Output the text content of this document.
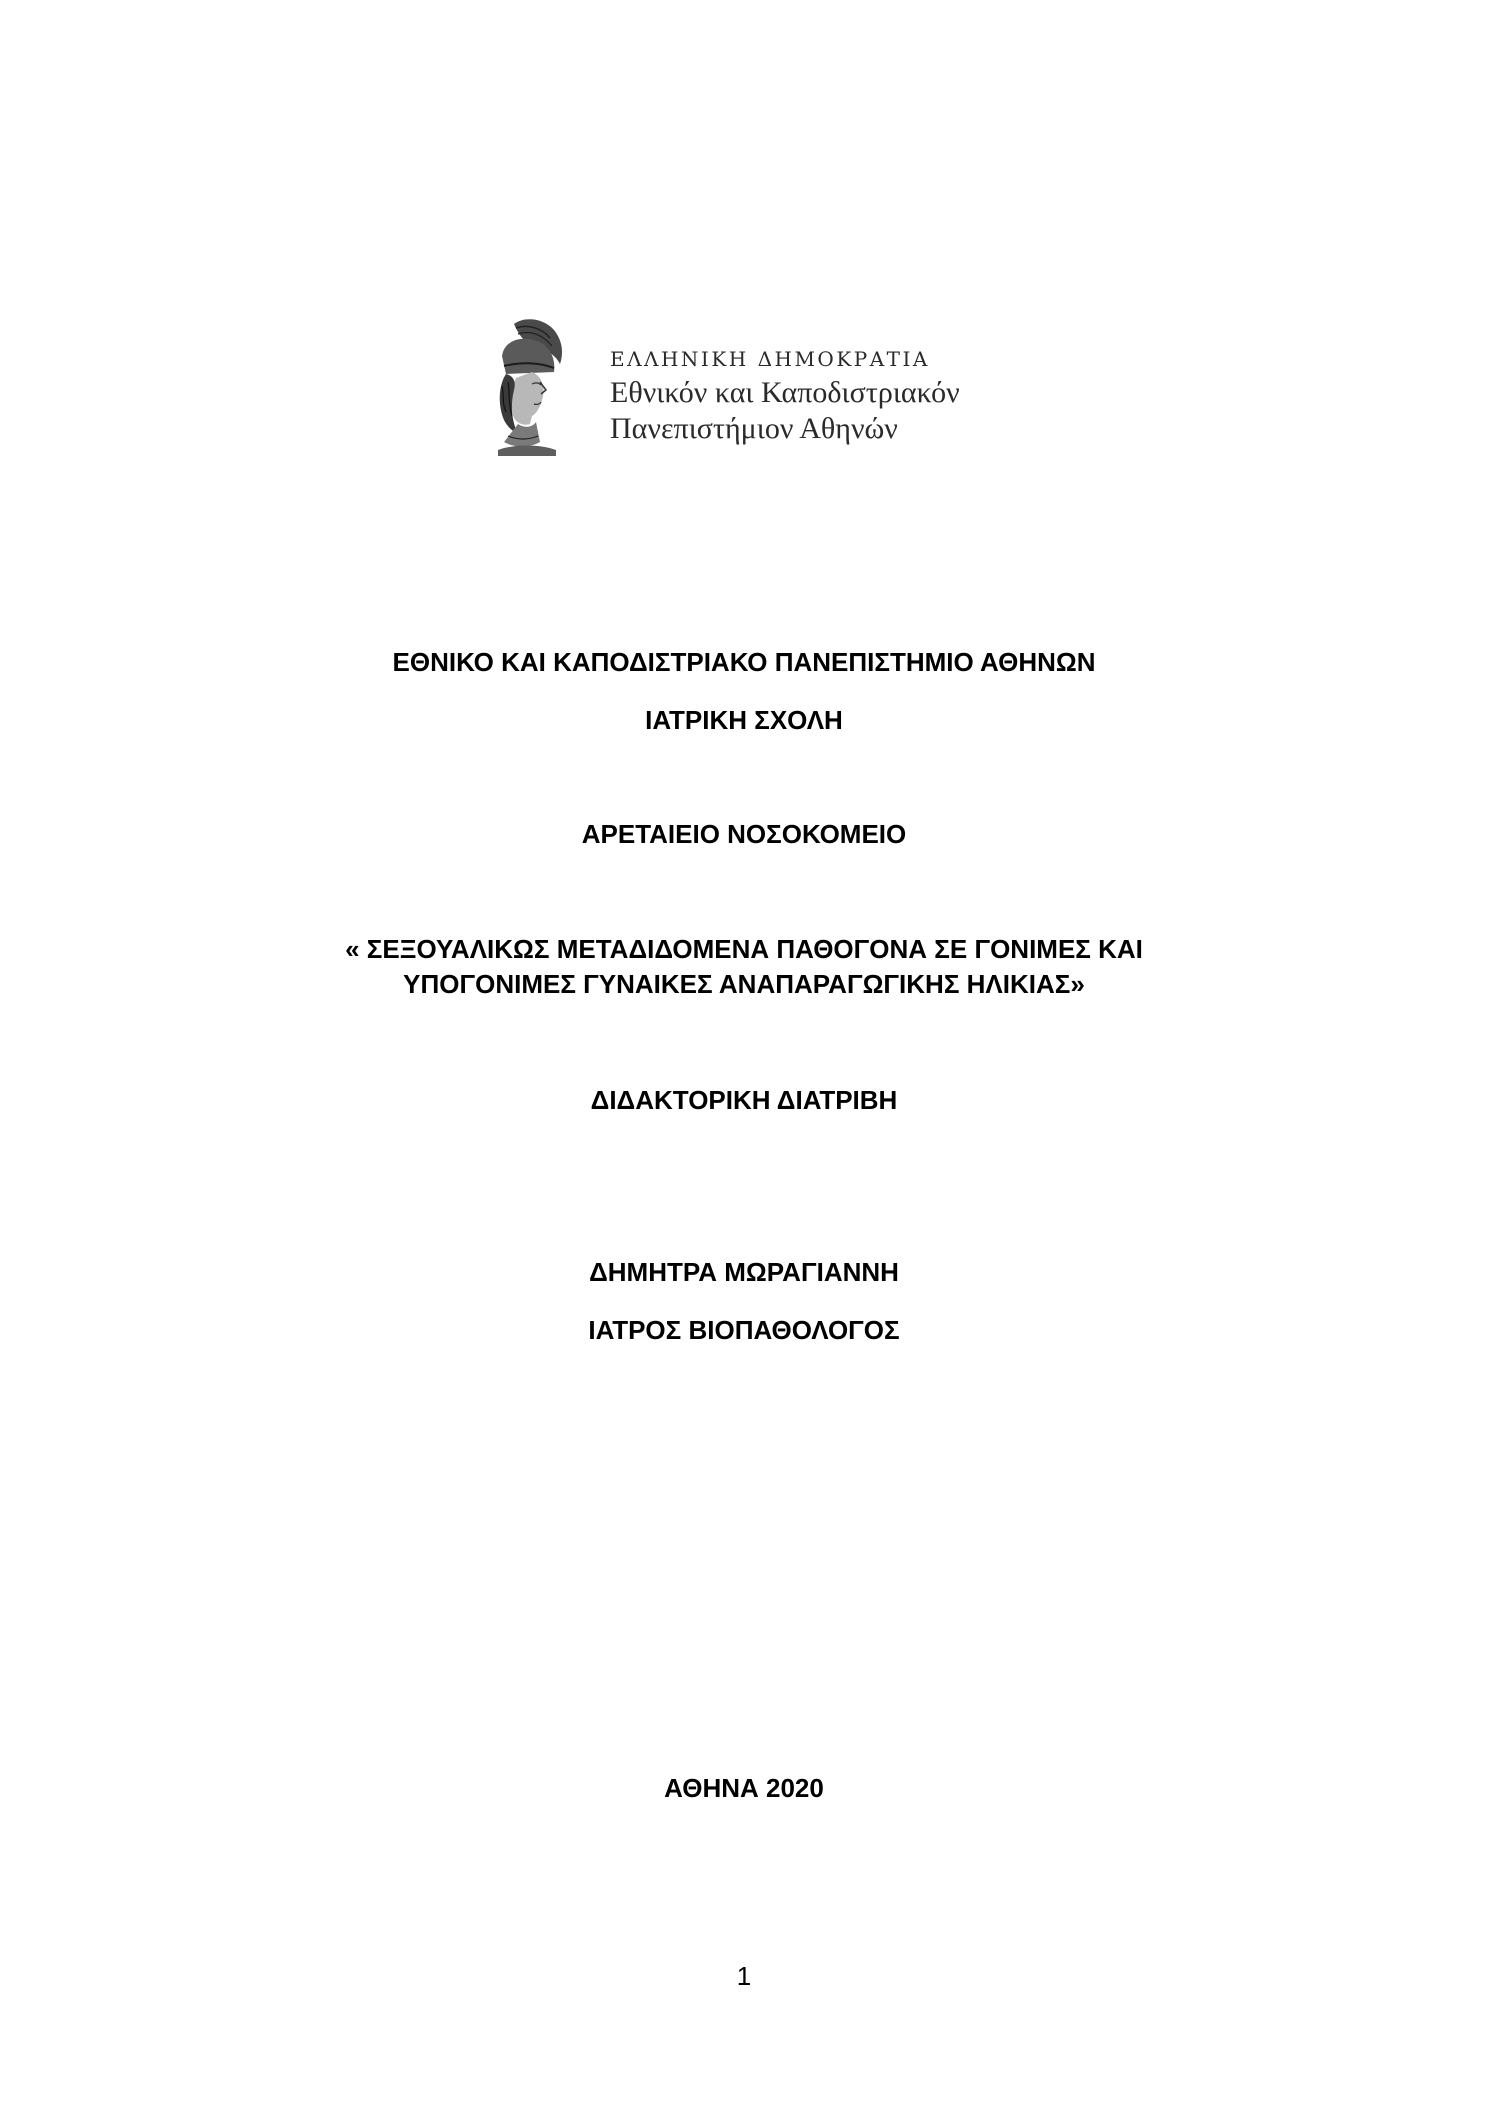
ΕΛΛΗΝΙΚΗ ΔΗΜΟΚΡΑΤΙΑ
Εθνικόν και Καποδιστριακόν
Πανεπιστήμιον Αθηνών
ΕΘΝΙΚΟ ΚΑΙ ΚΑΠΟΔΙΣΤΡΙΑΚΟ ΠΑΝΕΠΙΣΤΗΜΙΟ ΑΘΗΝΩΝ
ΙΑΤΡΙΚΗ ΣΧΟΛΗ
ΑΡΕΤΑΙΕΙΟ ΝΟΣΟΚΟΜΕΙΟ
« ΣΕΞΟΥΑΛΙΚΩΣ ΜΕΤΑΔΙΔΟΜΕΝΑ ΠΑΘΟΓΟΝΑ ΣΕ ΓΟΝΙΜΕΣ ΚΑΙ
ΥΠΟΓΟΝΙΜΕΣ ΓΥΝΑΙΚΕΣ ΑΝΑΠΑΡΑΓΩΓΙΚΗΣ ΗΛΙΚΙΑΣ»
ΔΙΔΑΚΤΟΡΙΚΗ ΔΙΑΤΡΙΒΗ
ΔΗΜΗΤΡΑ ΜΩΡΑΓΙΑΝΝΗ
ΙΑΤΡΟΣ ΒΙΟΠΑΘΟΛΟΓΟΣ
ΑΘΗΝΑ 2020
1
